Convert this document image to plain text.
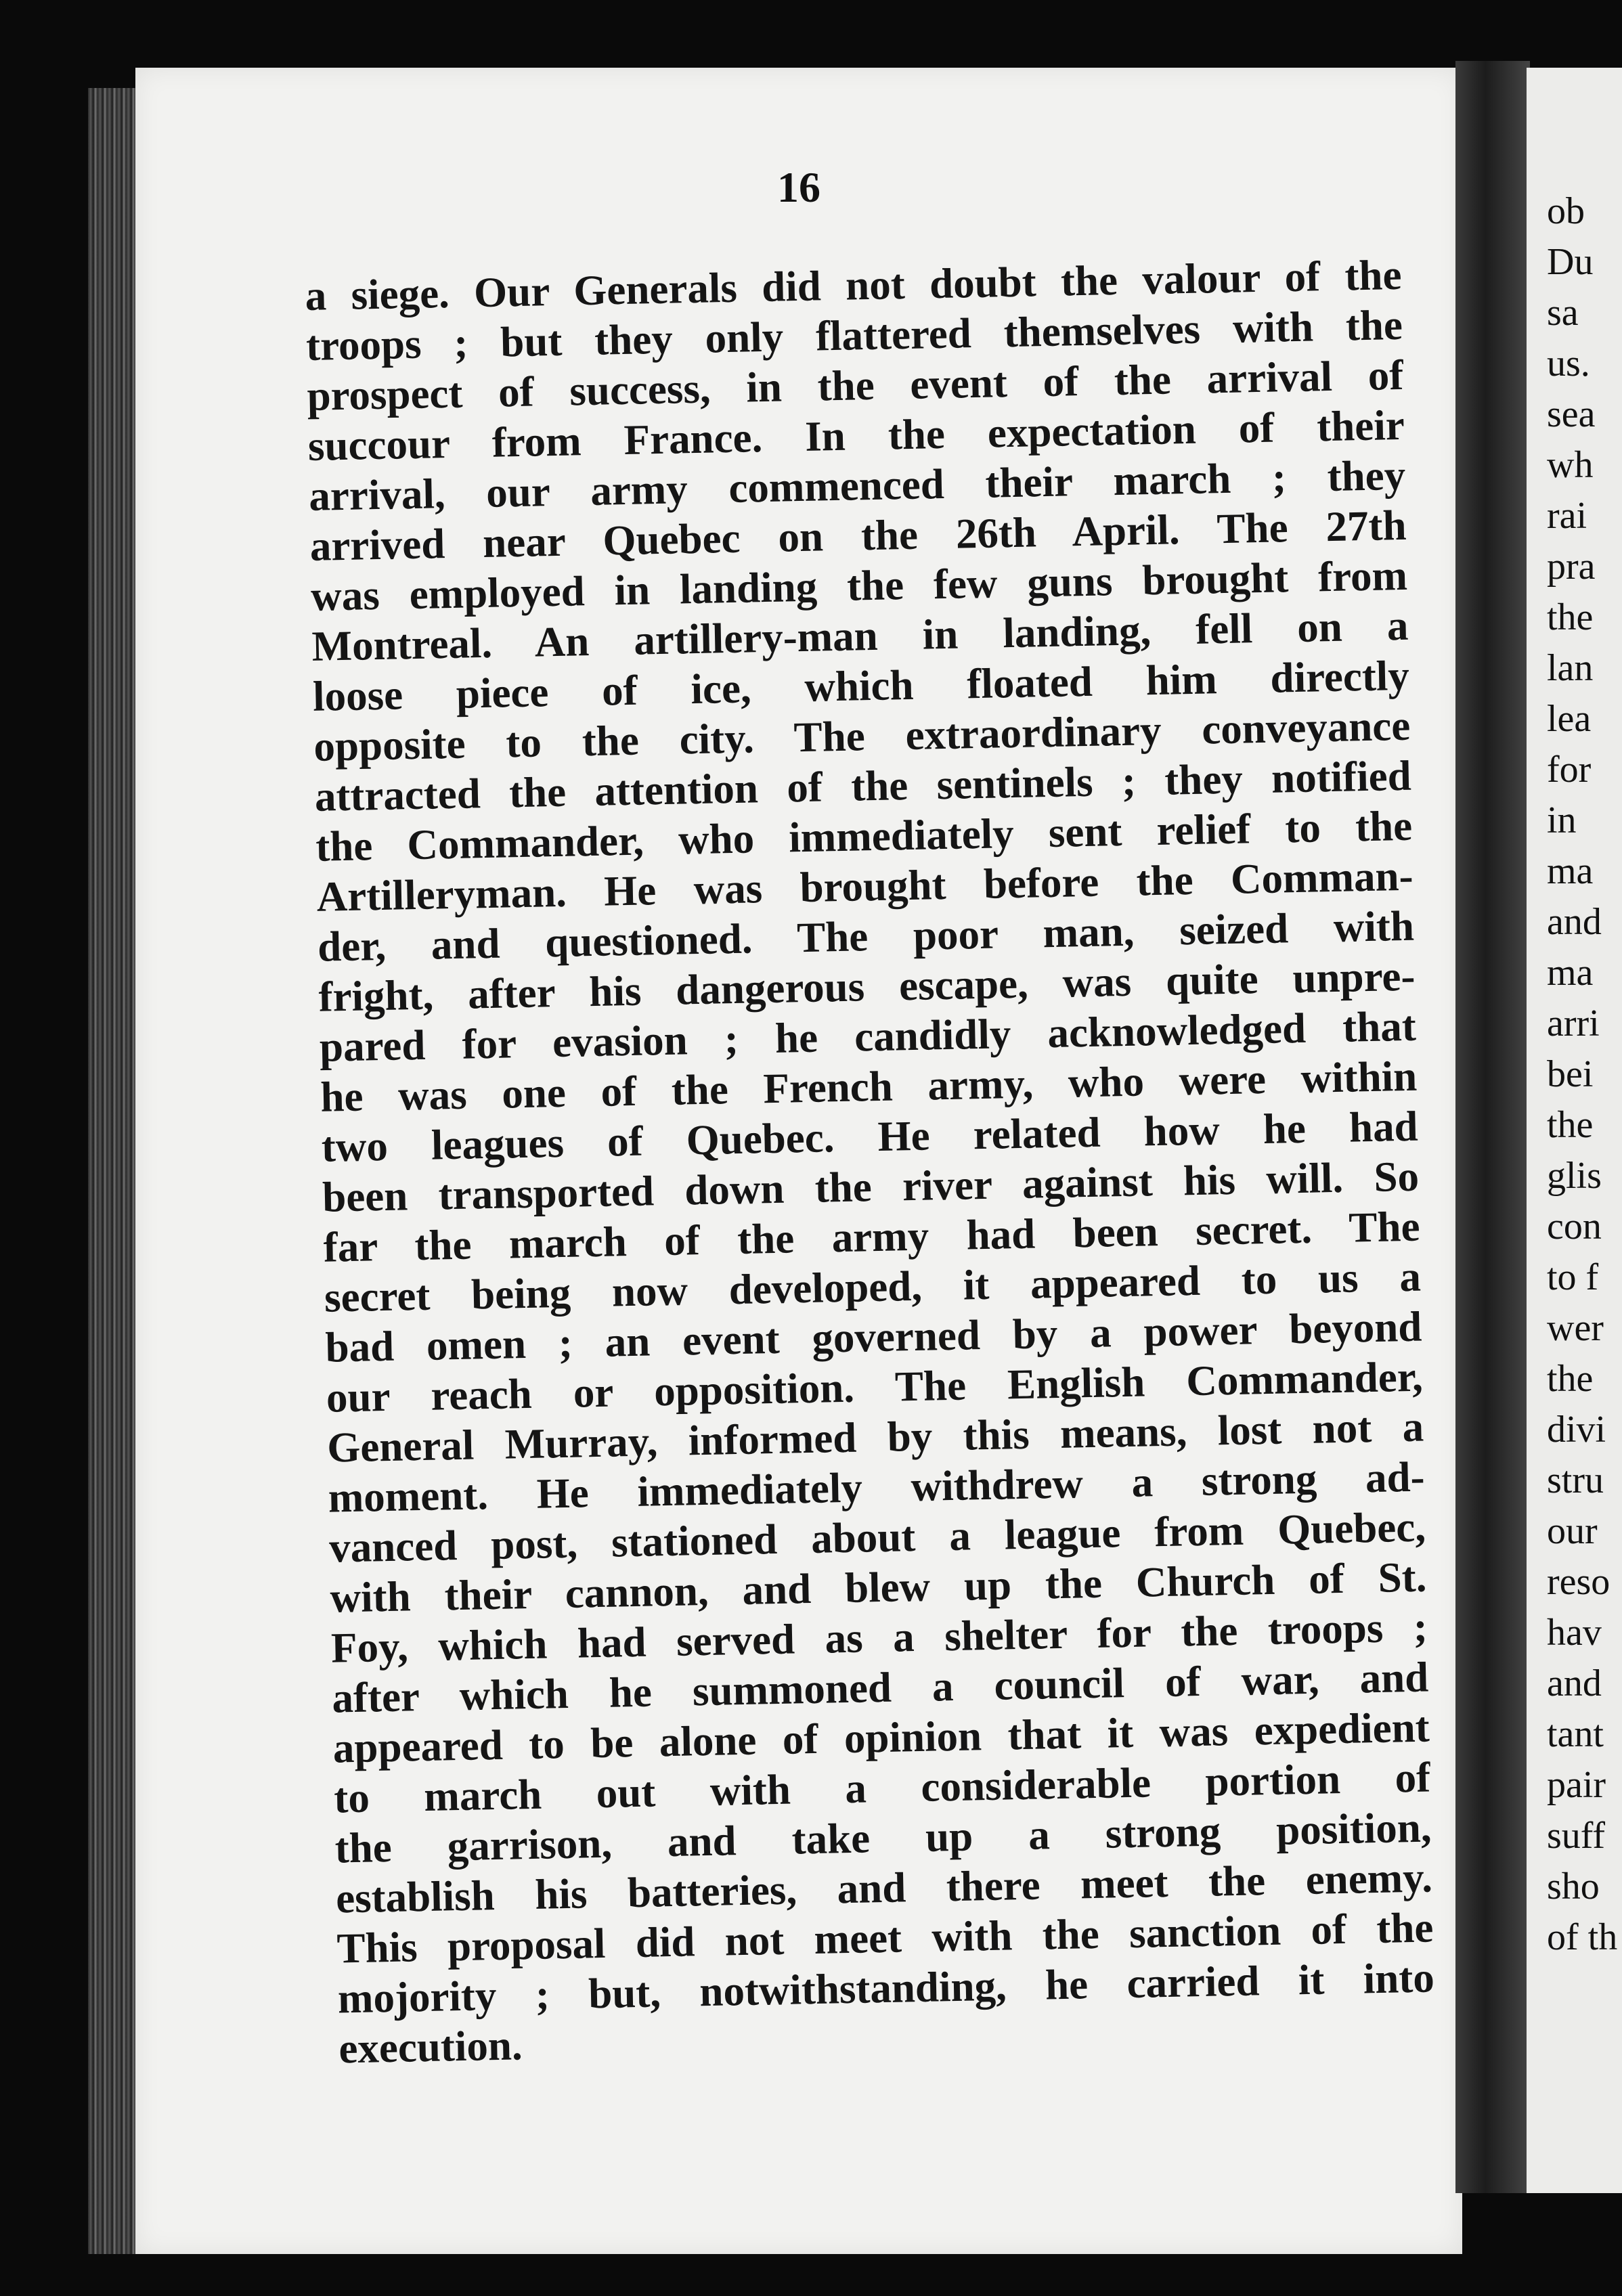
16
a siege. Our Generals did not doubt the valour of the
troops ; but they only flattered themselves with the
prospect of success, in the event of the arrival of
succour from France. In the expectation of their
arrival, our army commenced their march ; they
arrived near Quebec on the 26th April. The 27th
was employed in landing the few guns brought from
Montreal. An artillery-man in landing, fell on a
loose piece of ice, which floated him directly
opposite to the city. The extraordinary conveyance
attracted the attention of the sentinels ; they notified
the Commander, who immediately sent relief to the
Artilleryman. He was brought before the Comman-
der, and questioned. The poor man, seized with
fright, after his dangerous escape, was quite unpre-
pared for evasion ; he candidly acknowledged that
he was one of the French army, who were within
two leagues of Quebec. He related how he had
been transported down the river against his will. So
far the march of the army had been secret. The
secret being now developed, it appeared to us a
bad omen ; an event governed by a power beyond
our reach or opposition. The English Commander,
General Murray, informed by this means, lost not a
moment. He immediately withdrew a strong ad-
vanced post, stationed about a league from Quebec,
with their cannon, and blew up the Church of St.
Foy, which had served as a shelter for the troops ;
after which he summoned a council of war, and
appeared to be alone of opinion that it was expedient
to march out with a considerable portion of
the garrison, and take up a strong position,
establish his batteries, and there meet the enemy.
This proposal did not meet with the sanction of the
mojority ; but, notwithstanding, he carried it into
execution.
ob
Du
sa
us.
sea
wh
rai
pra
the
lan
lea
for
in
ma
and
ma
arri
bei
the
glis
con
to f
wer
the
divi
stru
our
reso
hav
and
tant
pair
suff
sho
of th
